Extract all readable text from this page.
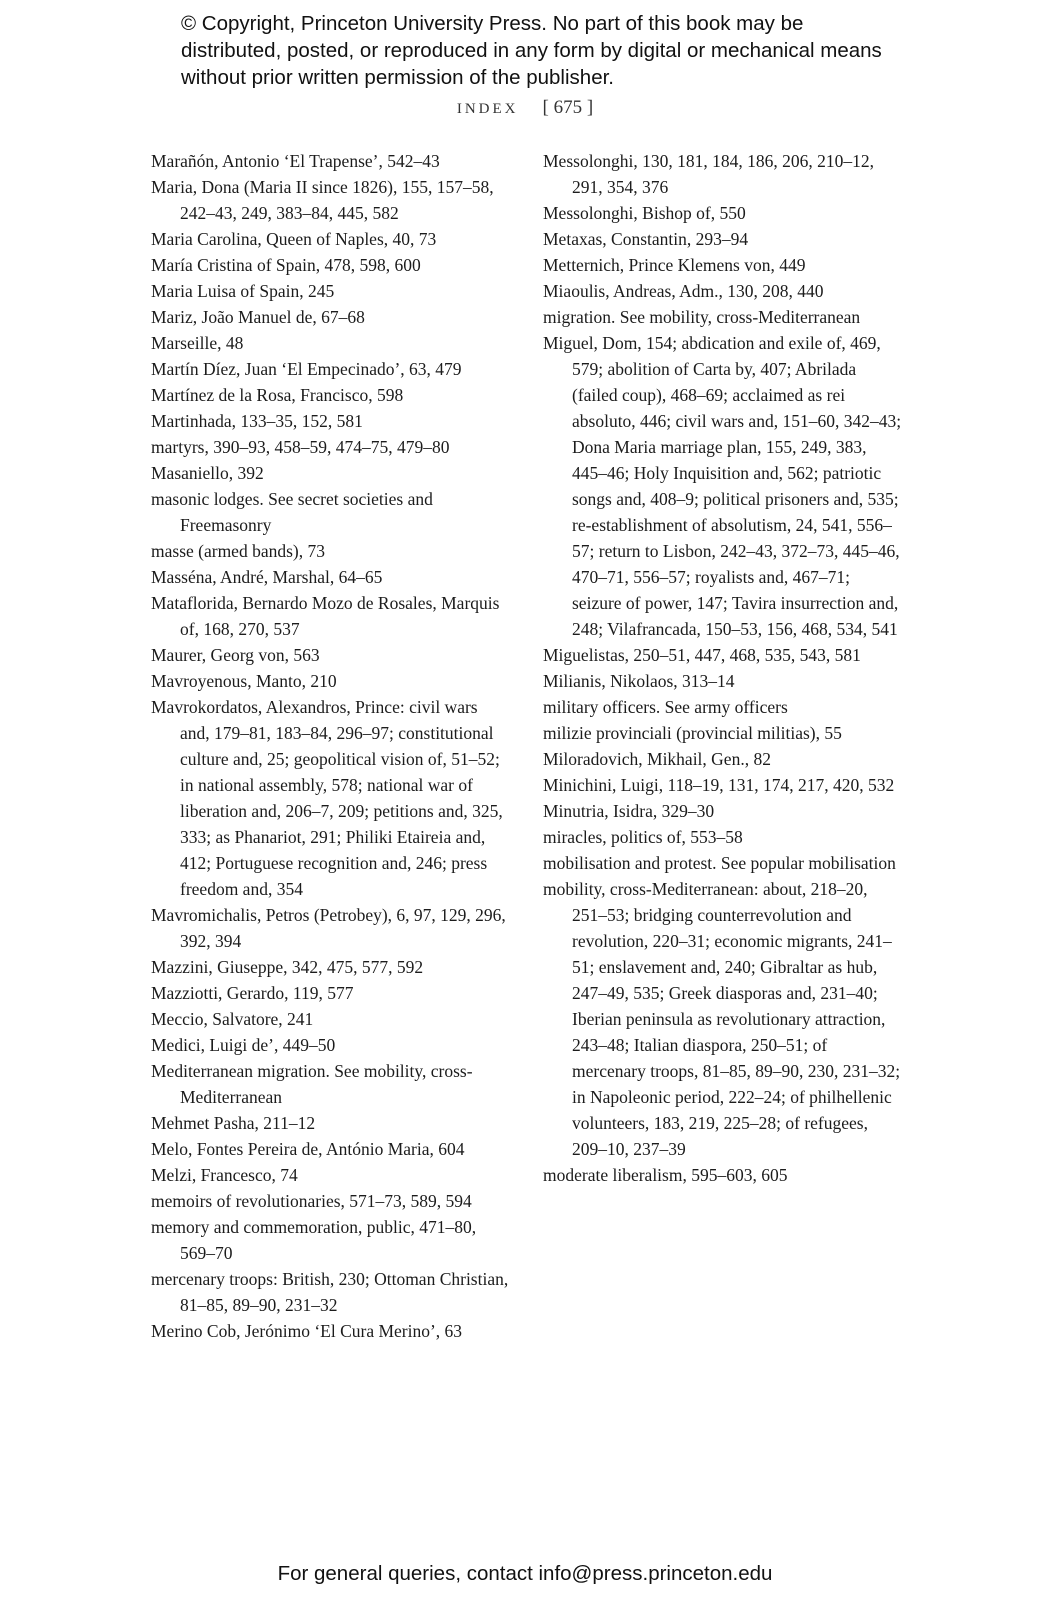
© Copyright, Princeton University Press. No part of this book may be distributed, posted, or reproduced in any form by digital or mechanical means without prior written permission of the publisher.
INDEX [ 675 ]
Marañón, Antonio ‘El Trapense’, 542–43
Maria, Dona (Maria II since 1826), 155, 157–58, 242–43, 249, 383–84, 445, 582
Maria Carolina, Queen of Naples, 40, 73
María Cristina of Spain, 478, 598, 600
Maria Luisa of Spain, 245
Mariz, João Manuel de, 67–68
Marseille, 48
Martín Díez, Juan ‘El Empecinado’, 63, 479
Martínez de la Rosa, Francisco, 598
Martinhada, 133–35, 152, 581
martyrs, 390–93, 458–59, 474–75, 479–80
Masaniello, 392
masonic lodges. See secret societies and Freemasonry
masse (armed bands), 73
Masséna, André, Marshal, 64–65
Mataflorida, Bernardo Mozo de Rosales, Marquis of, 168, 270, 537
Maurer, Georg von, 563
Mavroyenous, Manto, 210
Mavrokordatos, Alexandros, Prince: civil wars and, 179–81, 183–84, 296–97; constitutional culture and, 25; geopolitical vision of, 51–52; in national assembly, 578; national war of liberation and, 206–7, 209; petitions and, 325, 333; as Phanariot, 291; Philiki Etaireia and, 412; Portuguese recognition and, 246; press freedom and, 354
Mavromichalis, Petros (Petrobey), 6, 97, 129, 296, 392, 394
Mazzini, Giuseppe, 342, 475, 577, 592
Mazziotti, Gerardo, 119, 577
Meccio, Salvatore, 241
Medici, Luigi de’, 449–50
Mediterranean migration. See mobility, cross-Mediterranean
Mehmet Pasha, 211–12
Melo, Fontes Pereira de, António Maria, 604
Melzi, Francesco, 74
memoirs of revolutionaries, 571–73, 589, 594
memory and commemoration, public, 471–80, 569–70
mercenary troops: British, 230; Ottoman Christian, 81–85, 89–90, 231–32
Merino Cob, Jerónimo ‘El Cura Merino’, 63
Messolonghi, 130, 181, 184, 186, 206, 210–12, 291, 354, 376
Messolonghi, Bishop of, 550
Metaxas, Constantin, 293–94
Metternich, Prince Klemens von, 449
Miaoulis, Andreas, Adm., 130, 208, 440
migration. See mobility, cross-Mediterranean
Miguel, Dom, 154; abdication and exile of, 469, 579; abolition of Carta by, 407; Abrilada (failed coup), 468–69; acclaimed as rei absoluto, 446; civil wars and, 151–60, 342–43; Dona Maria marriage plan, 155, 249, 383, 445–46; Holy Inquisition and, 562; patriotic songs and, 408–9; political prisoners and, 535; re-establishment of absolutism, 24, 541, 556–57; return to Lisbon, 242–43, 372–73, 445–46, 470–71, 556–57; royalists and, 467–71; seizure of power, 147; Tavira insurrection and, 248; Vilafrancada, 150–53, 156, 468, 534, 541
Miguelistas, 250–51, 447, 468, 535, 543, 581
Milianis, Nikolaos, 313–14
military officers. See army officers
milizie provinciali (provincial militias), 55
Miloradovich, Mikhail, Gen., 82
Minichini, Luigi, 118–19, 131, 174, 217, 420, 532
Minutria, Isidra, 329–30
miracles, politics of, 553–58
mobilisation and protest. See popular mobilisation
mobility, cross-Mediterranean: about, 218–20, 251–53; bridging counterrevolution and revolution, 220–31; economic migrants, 241–51; enslavement and, 240; Gibraltar as hub, 247–49, 535; Greek diasporas and, 231–40; Iberian peninsula as revolutionary attraction, 243–48; Italian diaspora, 250–51; of mercenary troops, 81–85, 89–90, 230, 231–32; in Napoleonic period, 222–24; of philhellenic volunteers, 183, 219, 225–28; of refugees, 209–10, 237–39
moderate liberalism, 595–603, 605
For general queries, contact info@press.princeton.edu
